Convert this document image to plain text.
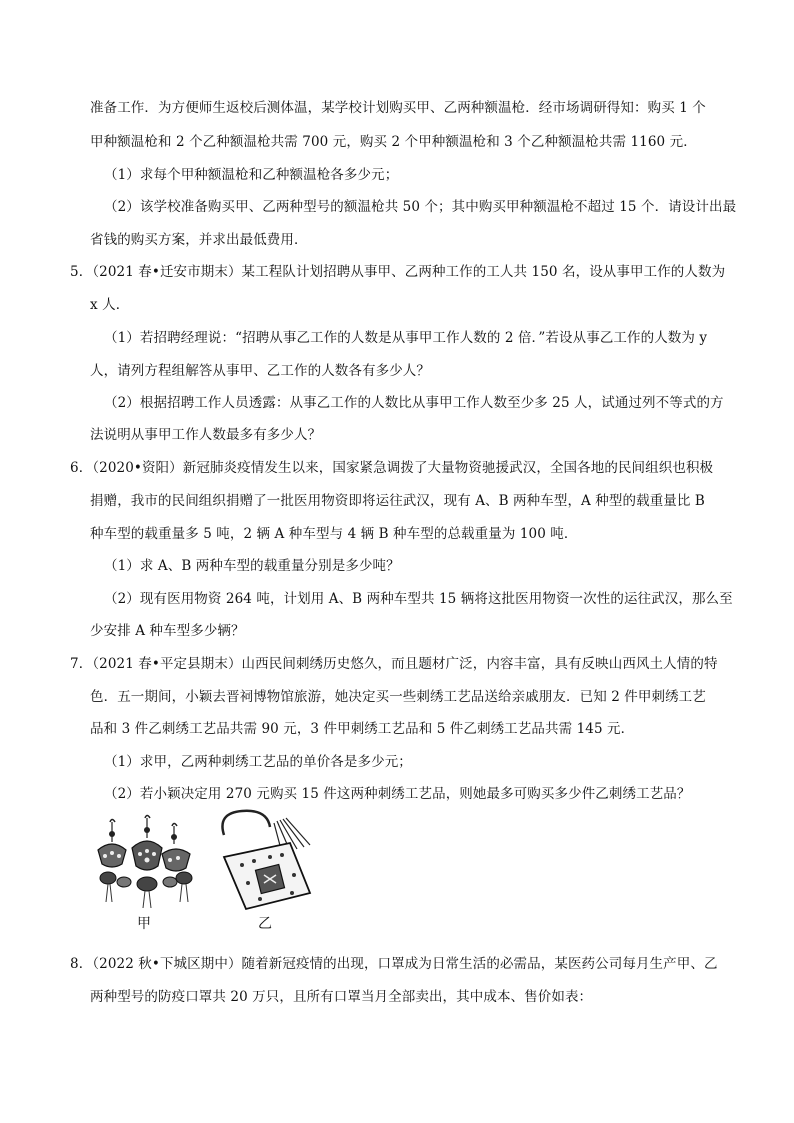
准备工作．为方便师生返校后测体温，某学校计划购买甲、乙两种额温枪．经市场调研得知：购买 1 个
甲种额温枪和 2 个乙种额温枪共需 700 元，购买 2 个甲种额温枪和 3 个乙种额温枪共需 1160 元．
（1）求每个甲种额温枪和乙种额温枪各多少元；
（2）该学校准备购买甲、乙两种型号的额温枪共 50 个；其中购买甲种额温枪不超过 15 个．请设计出最
省钱的购买方案，并求出最低费用．
5．（2021 春•迁安市期末）某工程队计划招聘从事甲、乙两种工作的工人共 150 名，设从事甲工作的人数为
x 人．
（1）若招聘经理说：“招聘从事乙工作的人数是从事甲工作人数的 2 倍．”若设从事乙工作的人数为 y
人，请列方程组解答从事甲、乙工作的人数各有多少人？
（2）根据招聘工作人员透露：从事乙工作的人数比从事甲工作人数至少多 25 人，试通过列不等式的方
法说明从事甲工作人数最多有多少人？
6．（2020•资阳）新冠肺炎疫情发生以来，国家紧急调拨了大量物资驰援武汉，全国各地的民间组织也积极
捐赠，我市的民间组织捐赠了一批医用物资即将运往武汉，现有 A、B 两种车型，A 种型的载重量比 B
种车型的载重量多 5 吨，2 辆 A 种车型与 4 辆 B 种车型的总载重量为 100 吨．
（1）求 A、B 两种车型的载重量分别是多少吨？
（2）现有医用物资 264 吨，计划用 A、B 两种车型共 15 辆将这批医用物资一次性的运往武汉，那么至
少安排 A 种车型多少辆？
7．（2021 春•平定县期末）山西民间刺绣历史悠久，而且题材广泛，内容丰富，具有反映山西风土人情的特
色．五一期间，小颖去晋祠博物馆旅游，她决定买一些刺绣工艺品送给亲戚朋友．已知 2 件甲刺绣工艺
品和 3 件乙刺绣工艺品共需 90 元，3 件甲刺绣工艺品和 5 件乙刺绣工艺品共需 145 元．
（1）求甲，乙两种刺绣工艺品的单价各是多少元；
（2）若小颖决定用 270 元购买 15 件这两种刺绣工艺品，则她最多可购买多少件乙刺绣工艺品？
甲	乙
8．（2022 秋•下城区期中）随着新冠疫情的出现，口罩成为日常生活的必需品，某医药公司每月生产甲、乙
两种型号的防疫口罩共 20 万只，且所有口罩当月全部卖出，其中成本、售价如表：
